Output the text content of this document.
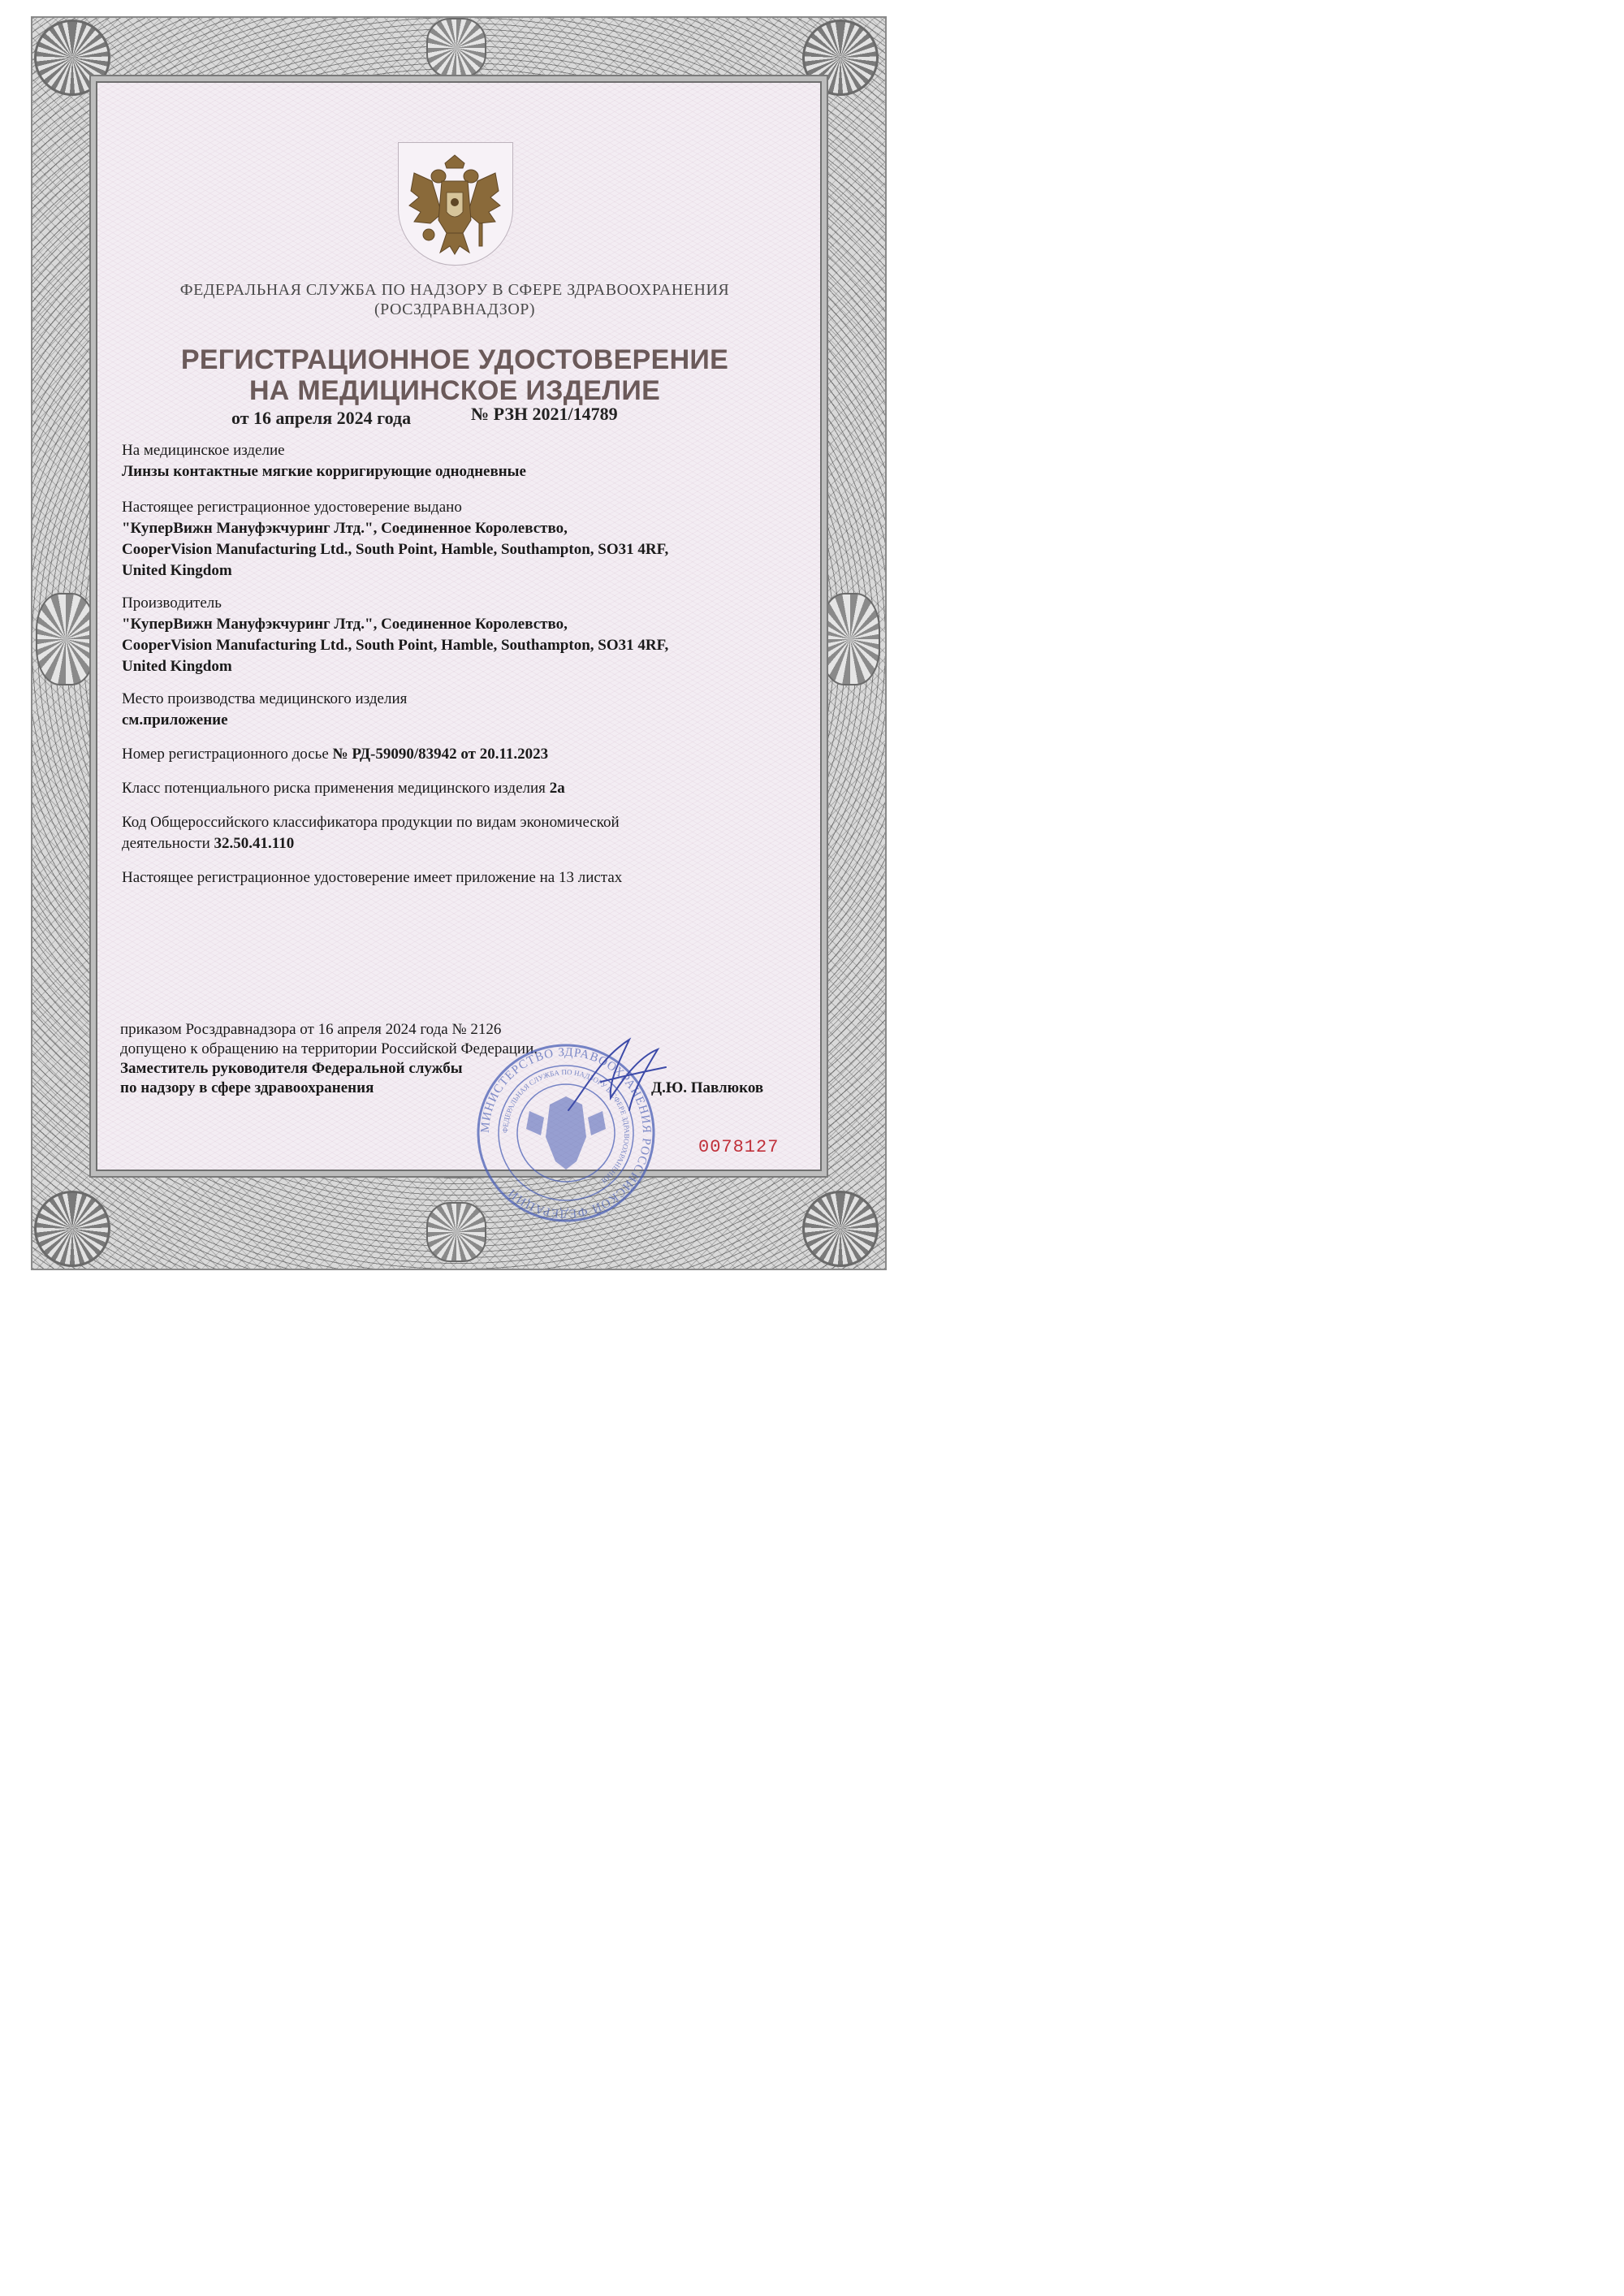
ФЕДЕРАЛЬНАЯ СЛУЖБА ПО НАДЗОРУ В СФЕРЕ ЗДРАВООХРАНЕНИЯ
(РОСЗДРАВНАДЗОР)
РЕГИСТРАЦИОННОЕ УДОСТОВЕРЕНИЕ
НА МЕДИЦИНСКОЕ ИЗДЕЛИЕ
от 16 апреля 2024 года	№ РЗН 2021/14789
На медицинское изделие
Линзы контактные мягкие корригирующие однодневные
Настоящее регистрационное удостоверение выдано
"КуперВижн Мануфэкчуринг Лтд.", Соединенное Королевство,
CooperVision Manufacturing Ltd., South Point, Hamble, Southampton, SO31 4RF,
United Kingdom
Производитель
"КуперВижн Мануфэкчуринг Лтд.", Соединенное Королевство,
CooperVision Manufacturing Ltd., South Point, Hamble, Southampton, SO31 4RF,
United Kingdom
Место производства медицинского изделия
см.приложение
Номер регистрационного досье № РД-59090/83942 от 20.11.2023
Класс потенциального риска применения медицинского изделия 2а
Код Общероссийского классификатора продукции по видам экономической
деятельности 32.50.41.110
Настоящее регистрационное удостоверение имеет приложение на 13 листах
приказом Росздравнадзора от 16 апреля 2024 года № 2126
допущено к обращению на территории Российской Федерации.
Заместитель руководителя Федеральной службы
по надзору в сфере здравоохранения	Д.Ю. Павлюков
МИНИСТЕРСТВО ЗДРАВООХРАНЕНИЯ РОССИЙСКОЙ ФЕДЕРАЦИИ
ФЕДЕРАЛЬНАЯ СЛУЖБА ПО НАДЗОРУ В СФЕРЕ ЗДРАВООХРАНЕНИЯ
0078127
